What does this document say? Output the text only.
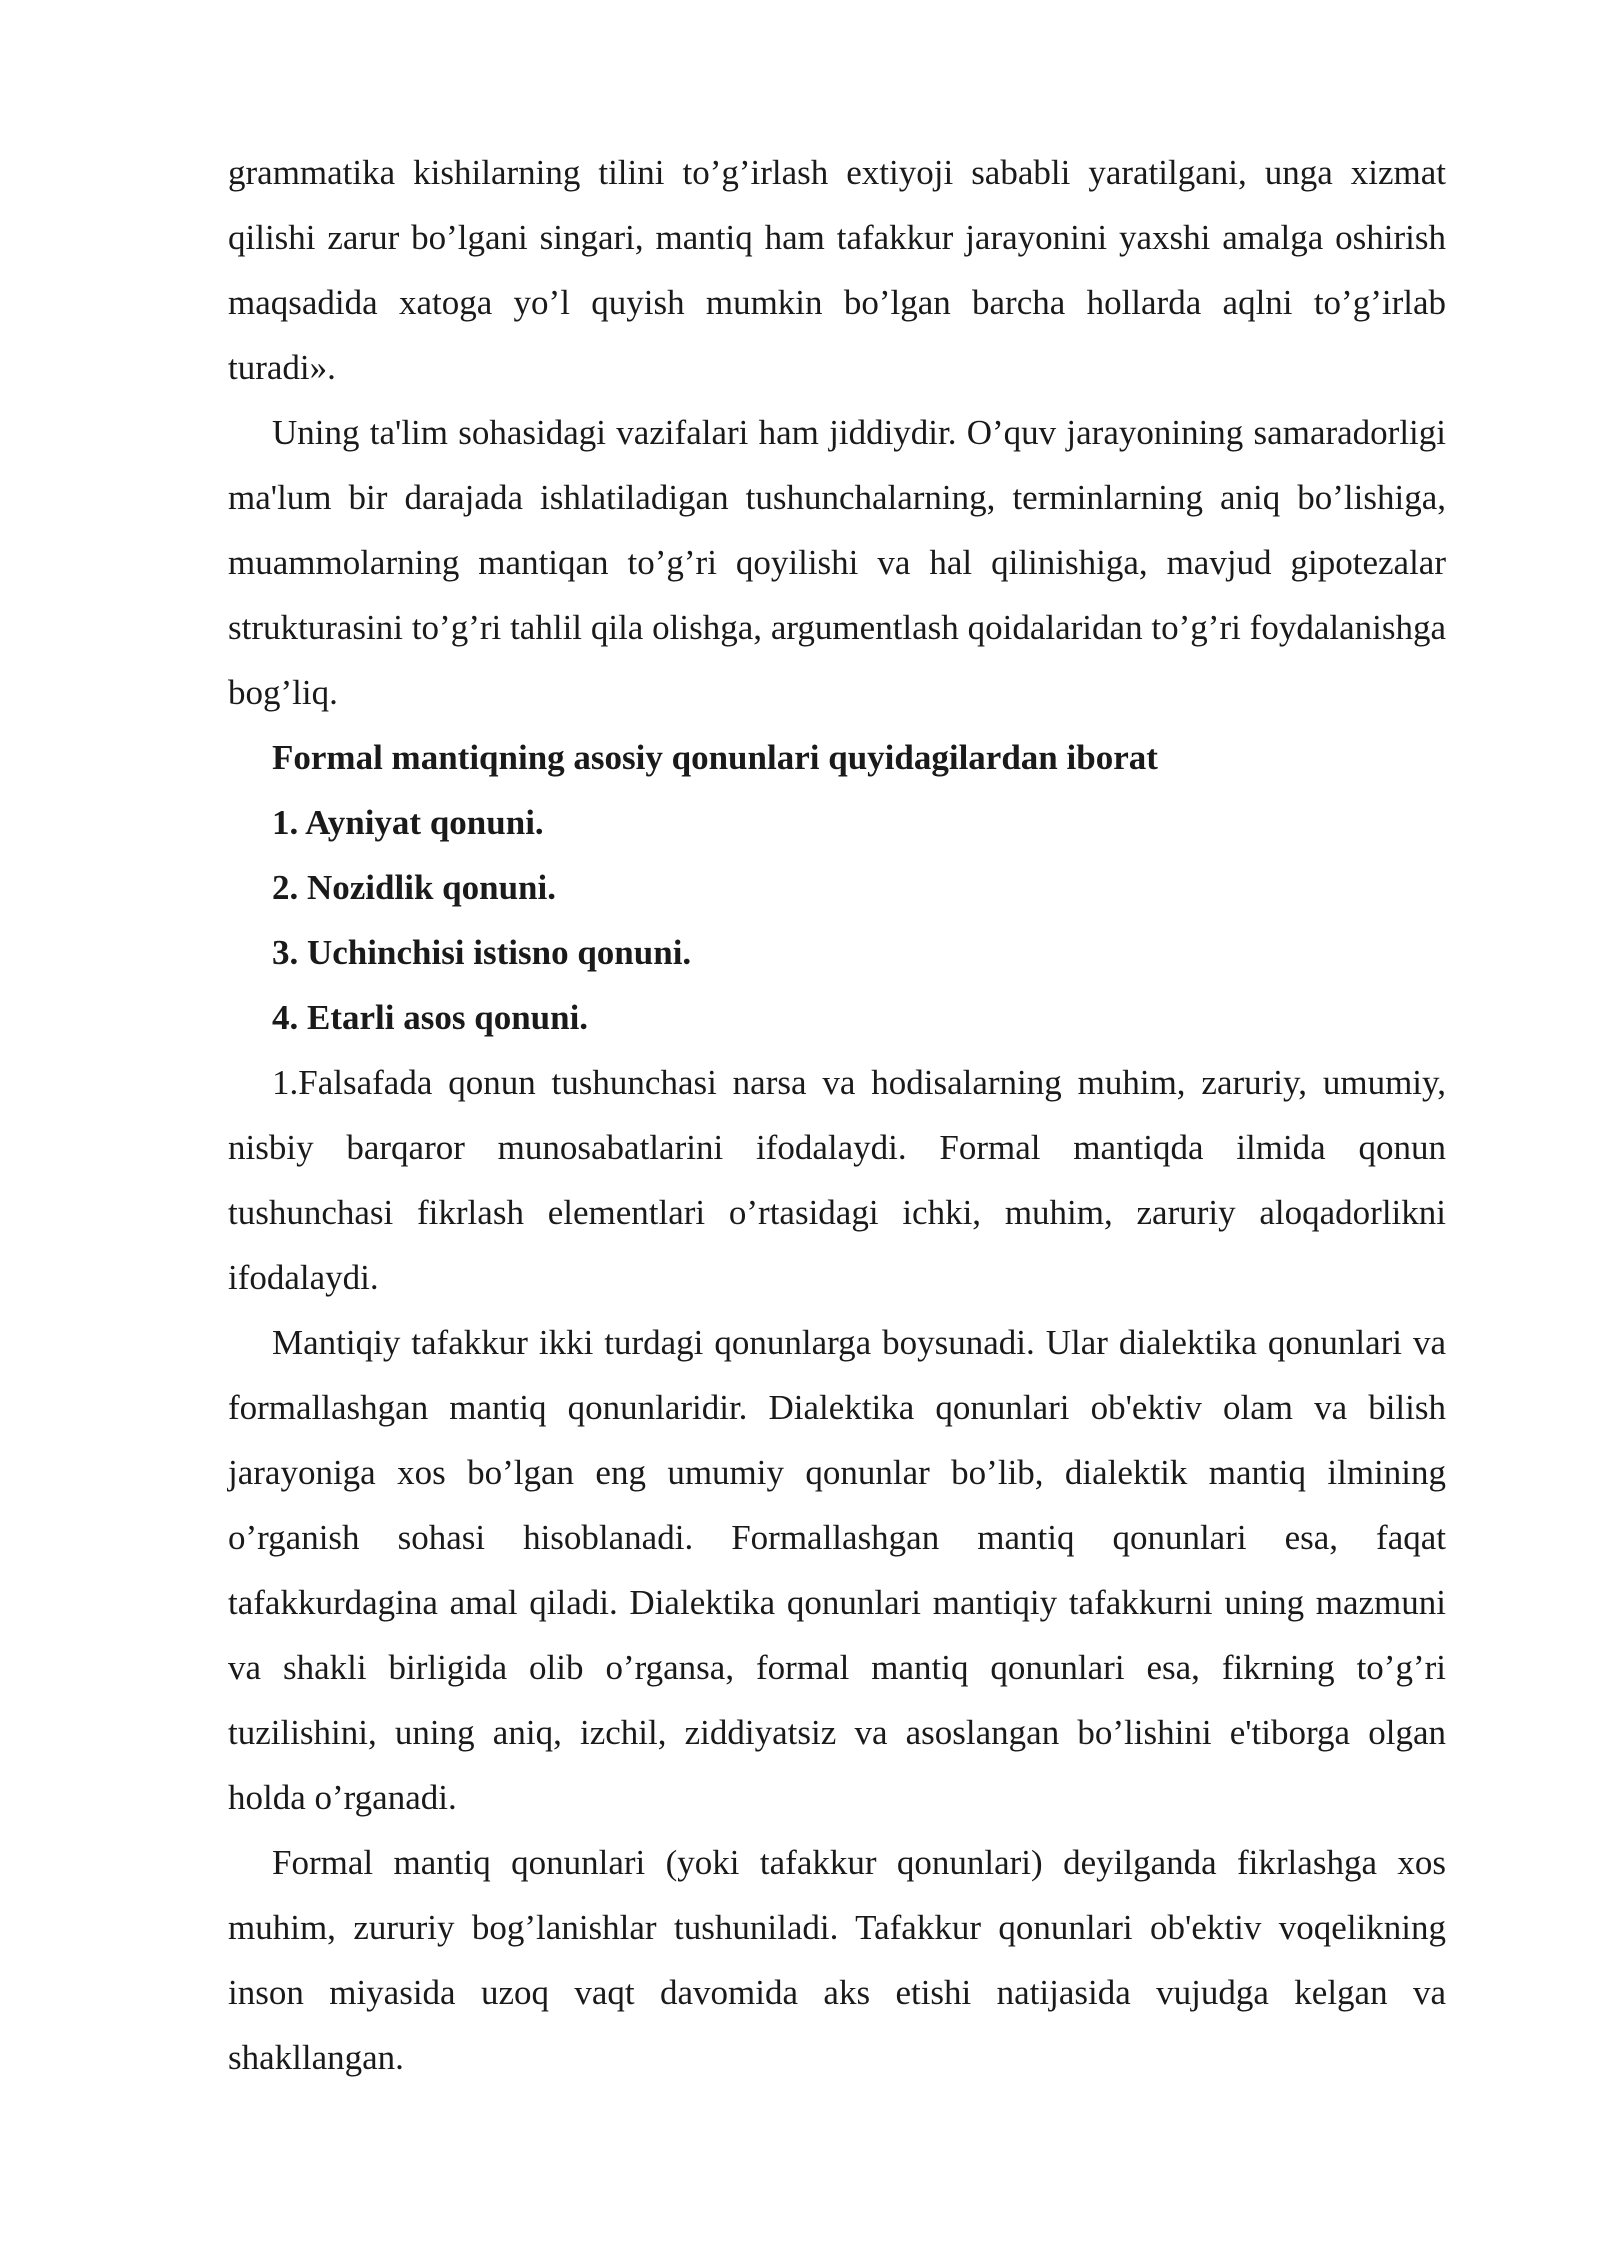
grammatika kishilarning tilini to’g’irlash extiyoji sababli yaratilgani, unga xizmat qilishi zarur bo’lgani singari, mantiq ham tafakkur jarayonini yaxshi amalga oshirish maqsadida xatoga yo’l quyish mumkin bo’lgan barcha hollarda aqlni to’g’irlab turadi».

Uning ta'lim sohasidagi vazifalari ham jiddiydir. O’quv jarayonining samaradorligi ma'lum bir darajada ishlatiladigan tushunchalarning, terminlarning aniq bo’lishiga, muammolarning mantiqan to’g’ri qoyilishi va hal qilinishiga, mavjud gipotezalar strukturasini to’g’ri tahlil qila olishga, argumentlash qoidalaridan to’g’ri foydalanishga bog’liq.

Formal mantiqning asosiy qonunlari quyidagilardan iborat

1. Ayniyat qonuni.

2. Nozidlik qonuni.

3. Uchinchisi istisno qonuni.

4. Etarli asos qonuni.

1.Falsafada qonun tushunchasi narsa va hodisalarning muhim, zaruriy, umumiy, nisbiy barqaror munosabatlarini ifodalaydi. Formal mantiqda ilmida qonun tushunchasi fikrlash elementlari o’rtasidagi ichki, muhim, zaruriy aloqadorlikni ifodalaydi.

Mantiqiy tafakkur ikki turdagi qonunlarga boysunadi. Ular dialektika qonunlari va formallashgan mantiq qonunlaridir. Dialektika qonunlari ob'ektiv olam va bilish jarayoniga xos bo’lgan eng umumiy qonunlar bo’lib, dialektik mantiq ilmining o’rganish sohasi hisoblanadi. Formallashgan mantiq qonunlari esa, faqat tafakkurdagina amal qiladi. Dialektika qonunlari mantiqiy tafakkurni uning mazmuni va shakli birligida olib o’rgansa, formal mantiq qonunlari esa, fikrning to’g’ri tuzilishini, uning aniq, izchil, ziddiyatsiz va asoslangan bo’lishini e'tiborga olgan holda o’rganadi.

Formal mantiq qonunlari (yoki tafakkur qonunlari) deyilganda fikrlashga xos muhim, zururiy bog’lanishlar tushuniladi. Tafakkur qonunlari ob'ektiv voqelikning inson miyasida uzoq vaqt davomida aks etishi natijasida vujudga kelgan va shakllangan.
